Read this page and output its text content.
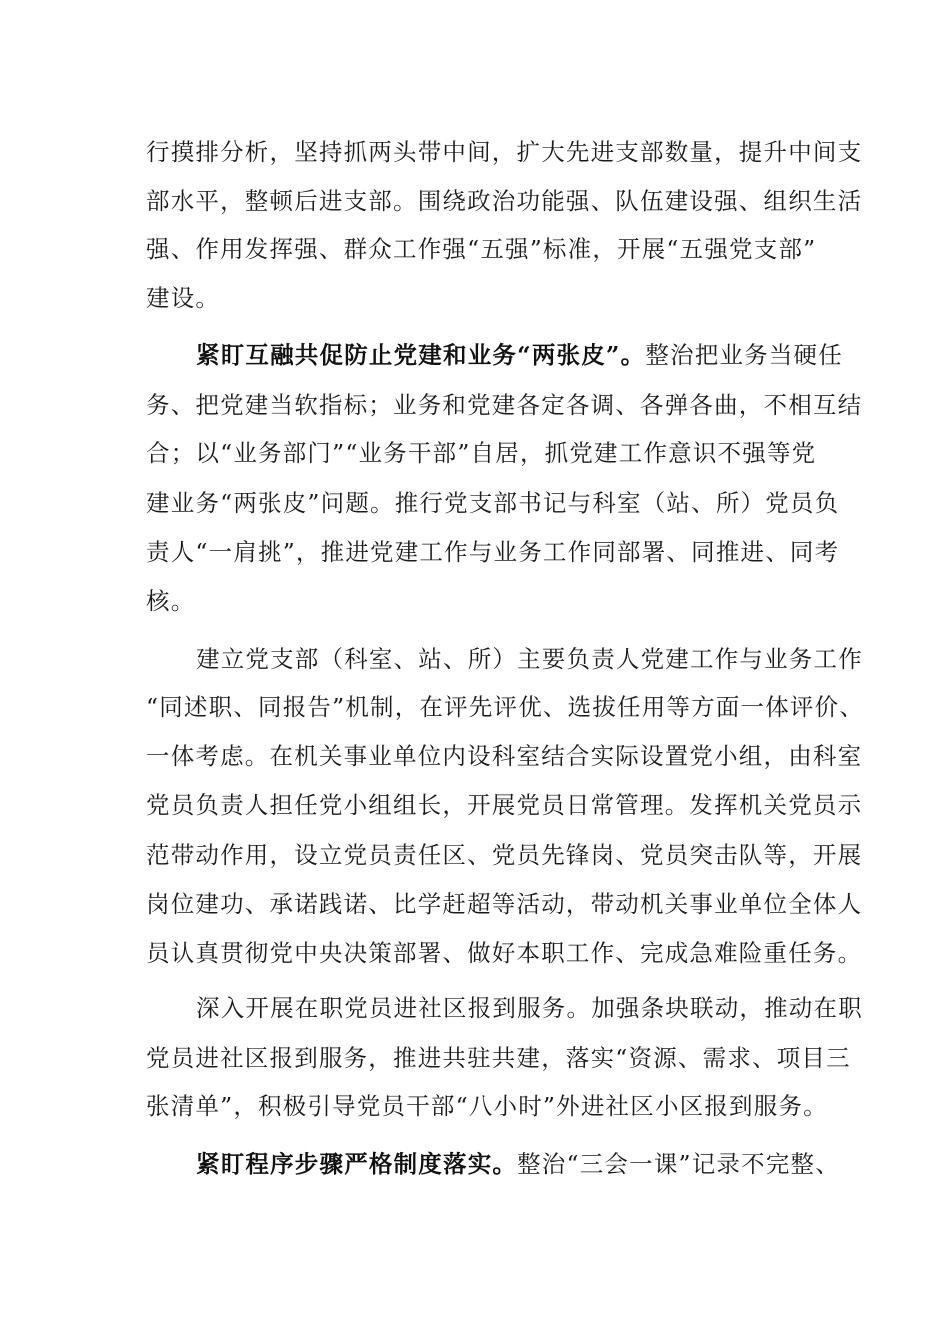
行摸排分析，坚持抓两头带中间，扩大先进支部数量，提升中间支
部水平，整顿后进支部。围绕政治功能强、队伍建设强、组织生活
强、作用发挥强、群众工作强“五强”标准，开展“五强党支部”
建设。
紧盯互融共促防止党建和业务“两张皮”。整治把业务当硬任
务、把党建当软指标；业务和党建各定各调、各弹各曲，不相互结
合；以“业务部门”“业务干部”自居，抓党建工作意识不强等党
建业务“两张皮”问题。推行党支部书记与科室（站、所）党员负
责人“一肩挑”，推进党建工作与业务工作同部署、同推进、同考
核。
建立党支部（科室、站、所）主要负责人党建工作与业务工作
“同述职、同报告”机制，在评先评优、选拔任用等方面一体评价、
一体考虑。在机关事业单位内设科室结合实际设置党小组，由科室
党员负责人担任党小组组长，开展党员日常管理。发挥机关党员示
范带动作用，设立党员责任区、党员先锋岗、党员突击队等，开展
岗位建功、承诺践诺、比学赶超等活动，带动机关事业单位全体人
员认真贯彻党中央决策部署、做好本职工作、完成急难险重任务。
深入开展在职党员进社区报到服务。加强条块联动，推动在职
党员进社区报到服务，推进共驻共建，落实“资源、需求、项目三
张清单”，积极引导党员干部“八小时”外进社区小区报到服务。
紧盯程序步骤严格制度落实。整治“三会一课”记录不完整、
